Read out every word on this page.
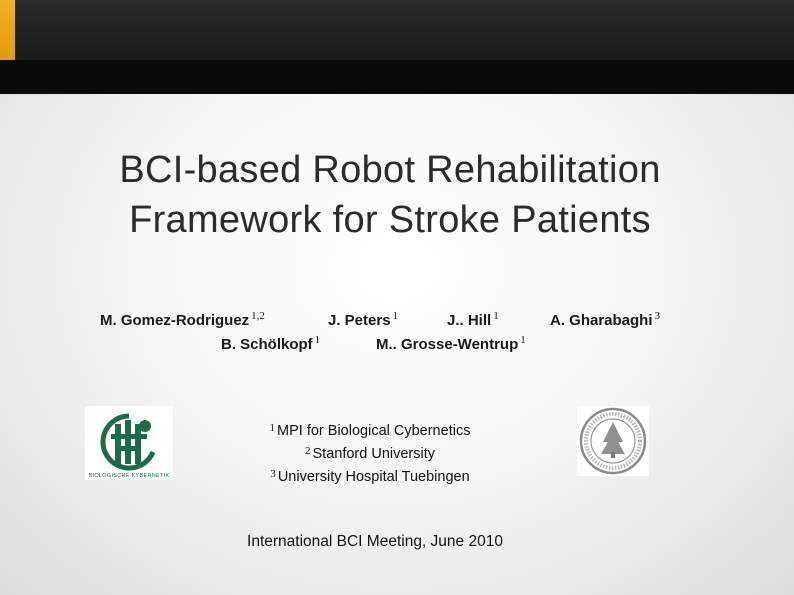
BCI-based Robot Rehabilitation
Framework for Stroke Patients
M. Gomez-Rodriguez $^{1,2}$	J. Peters $^1$	J.. Hill $^1$	A. Gharabaghi $^3$
B. Schölkopf $^1$	M.. Grosse-Wentrup $^1$
BIOLOGISCHE KYBERNETIK
$^1$ MPI for Biological Cybernetics
$^2$ Stanford University
$^3$ University Hospital Tuebingen
International BCI Meeting, June 2010
